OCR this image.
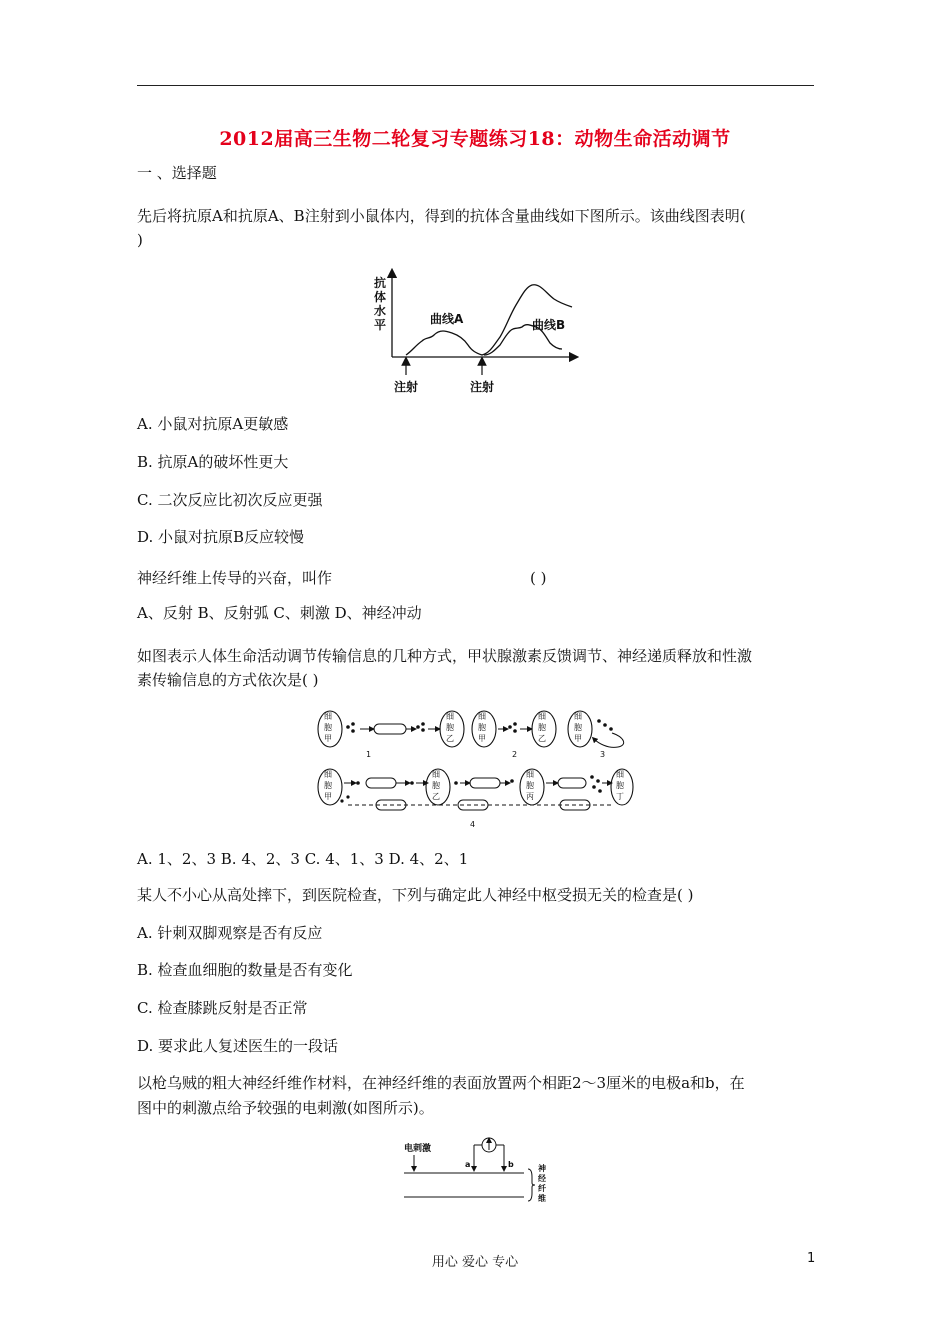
2012届高三生物二轮复习专题练习18：动物生命活动调节
一 、选择题
先后将抗原A和抗原A、B注射到小鼠体内，得到的抗体含量曲线如下图所示。该曲线图表明(
)
抗
体
水
平	曲线A	曲线B
注射	注射
A. 小鼠对抗原A更敏感
B. 抗原A的破坏性更大
C. 二次反应比初次反应更强
D. 小鼠对抗原B反应较慢
神经纤维上传导的兴奋，叫作	( )
A、反射 B、反射弧 C、刺激 D、神经冲动
如图表示人体生命活动调节传输信息的几种方式，甲状腺激素反馈调节、神经递质释放和性激
素传输信息的方式依次是( )
细
胞
甲
细
胞
乙
1
细
胞
甲
细
胞
乙
2
细
胞
甲
3
细
胞
甲
细
胞
乙
细
胞
丙
细
胞
丁
4
A. 1、2、3 B. 4、2、3 C. 4、1、3 D. 4、2、1
某人不小心从高处摔下，到医院检查，下列与确定此人神经中枢受损无关的检查是( )
A. 针刺双脚观察是否有反应
B. 检查血细胞的数量是否有变化
C. 检查膝跳反射是否正常
D. 要求此人复述医生的一段话
以枪乌贼的粗大神经纤维作材料，在神经纤维的表面放置两个相距2～3厘米的电极a和b，在
图中的刺激点给予较强的电刺激(如图所示)。
电刺激
a	b	神
经
纤
维
用心 爱心 专心	1
